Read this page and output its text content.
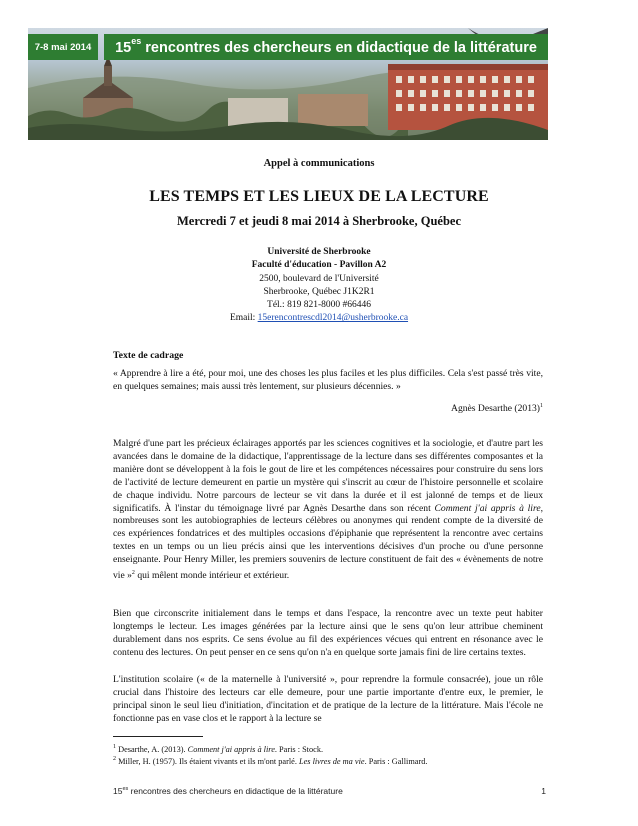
7-8 mai 2014 $15^{es}$ rencontres des chercheurs en didactique de la littérature
Appel à communications
LES TEMPS ET LES LIEUX DE LA LECTURE
Mercredi 7 et jeudi 8 mai 2014 à Sherbrooke, Québec
Université de Sherbrooke
Faculté d'éducation - Pavillon A2
2500, boulevard de l'Université
Sherbrooke, Québec J1K2R1
Tél.: 819 821-8000 #66446
Email: 15erencontrescdl2014@usherbrooke.ca
Texte de cadrage
« Apprendre à lire a été, pour moi, une des choses les plus faciles et les plus difficiles. Cela s'est passé très vite, en quelques semaines; mais aussi très lentement, sur plusieurs décennies. »
Agnès Desarthe $(2013)^1$

Malgré d'une part les précieux éclairages apportés par les sciences cognitives et la sociologie, et d'autre part les avancées dans le domaine de la didactique, l'apprentissage de la lecture dans ses différentes composantes et la manière dont se développent à la fois le gout de lire et les compétences nécessaires pour construire du sens lors de l'activité de lecture demeurent en partie un mystère qui s'inscrit au cœur de l'histoire personnelle et scolaire de chaque individu. Notre parcours de lecteur se vit dans la durée et il est jalonné de temps et de lieux significatifs. À l'instar du témoignage livré par Agnès Desarthe dans son récent Comment j'ai appris à lire, nombreuses sont les autobiographies de lecteurs célèbres ou anonymes qui rendent compte de la diversité de ces expériences fondatrices et des multiples occasions d'épiphanie que représentent la rencontre avec certains textes en un temps ou un lieu précis ainsi que les interventions décisives d'un proche ou d'une personne enseignante. Pour Henry Miller, les premiers souvenirs de lecture constituent de fait des « évènements de notre vie »$^2$ qui mêlent monde intérieur et extérieur.

Bien que circonscrite initialement dans le temps et dans l'espace, la rencontre avec un texte peut habiter longtemps le lecteur. Les images générées par la lecture ainsi que le sens qu'on leur attribue cheminent durablement dans nos esprits. Ce sens évolue au fil des expériences vécues qui entrent en résonance avec le contenu des lectures. On peut penser en ce sens qu'on n'a en quelque sorte jamais fini de lire certains textes.
L'institution scolaire (« de la maternelle à l'université », pour reprendre la formule consacrée), joue un rôle crucial dans l'histoire des lecteurs car elle demeure, pour une partie importante d'entre eux, le premier, le principal sinon le seul lieu d'initiation, d'incitation et de pratique de la lecture de la littérature. Mais l'école ne fonctionne pas en vase clos et le rapport à la lecture se
$^1$ Desarthe, A. (2013). Comment j'ai appris à lire. Paris : Stock.
$^2$ Miller, H. (1957). Ils étaient vivants et ils m'ont parlé. Les livres de ma vie. Paris : Gallimard.
$15^{es}$ rencontres des chercheurs en didactique de la littérature	1
